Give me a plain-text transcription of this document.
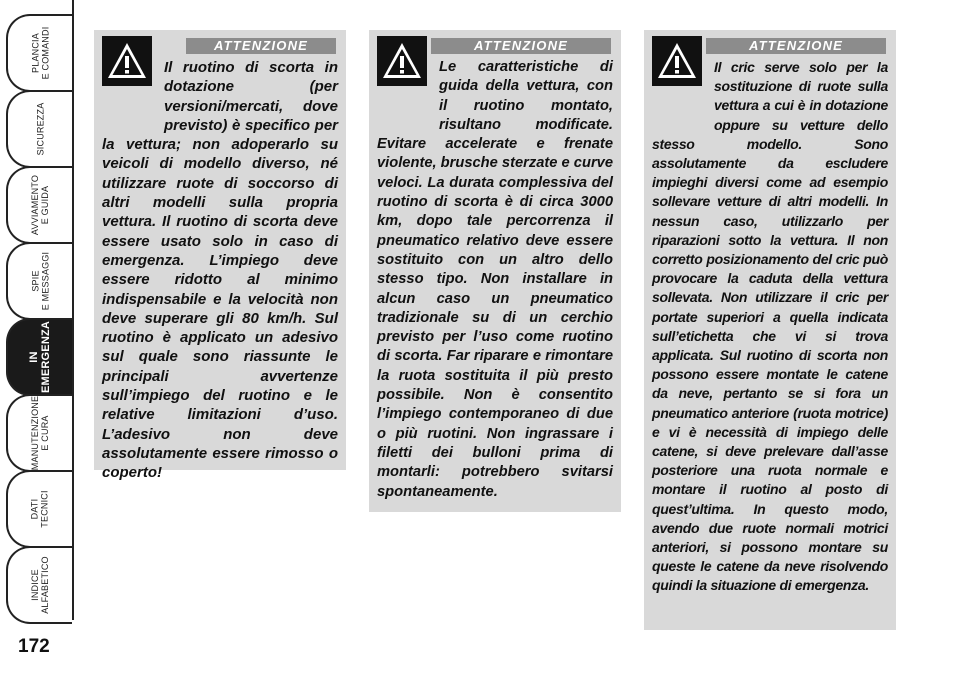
PLANCIA
E COMANDI
SICUREZZA
AVVIAMENTO
E GUIDA
SPIE
E MESSAGGI
IN
EMERGENZA
MANUTENZIONE
E CURA
DATI
TECNICI
INDICE
ALFABETICO
172
ATTENZIONE

Il ruotino di scorta in dotazione (per versioni/mercati, dove previsto) è specifico per la vettura; non adoperarlo su veicoli di modello diverso, né utilizzare ruote di soccorso di altri modelli sulla propria vettura. Il ruotino di scorta deve essere usato solo in caso di emergenza. L’impiego deve essere ridotto al minimo indispensabile e la velocità non deve superare gli 80 km/h. Sul ruotino è applicato un adesivo sul quale sono riassunte le principali avvertenze sull’impiego del ruotino e le relative limitazioni d’uso. L’adesivo non deve assolutamente essere rimosso o coperto!

ATTENZIONE

Le caratteristiche di guida della vettura, con il ruotino montato, risultano modificate. Evitare accelerate e frenate violente, brusche sterzate e curve veloci. La durata complessiva del ruotino di scorta è di circa 3000 km, dopo tale percorrenza il pneumatico relativo deve essere sostituito con un altro dello stesso tipo. Non installare in alcun caso un pneumatico tradizionale su di un cerchio previsto per l’uso come ruotino di scorta. Far riparare e rimontare la ruota sostituita il più presto possibile. Non è consentito l’impiego contemporaneo di due o più ruotini. Non ingrassare i filetti dei bulloni prima di montarli: potrebbero svitarsi spontaneamente.

ATTENZIONE

Il cric serve solo per la sostituzione di ruote sulla vettura a cui è in dotazione oppure su vetture dello stesso modello. Sono assolutamente da escludere impieghi diversi come ad esempio sollevare vetture di altri modelli. In nessun caso, utilizzarlo per riparazioni sotto la vettura. Il non corretto posizionamento del cric può provocare la caduta della vettura sollevata. Non utilizzare il cric per portate superiori a quella indicata sull’etichetta che vi si trova applicata. Sul ruotino di scorta non possono essere montate le catene da neve, pertanto se si fora un pneumatico anteriore (ruota motrice) e vi è necessità di impiego delle catene, si deve prelevare dall’asse posteriore una ruota normale e montare il ruotino al posto di quest’ultima. In questo modo, avendo due ruote normali motrici anteriori, si possono montare su queste le catene da neve risolvendo quindi la situazione di emergenza.
